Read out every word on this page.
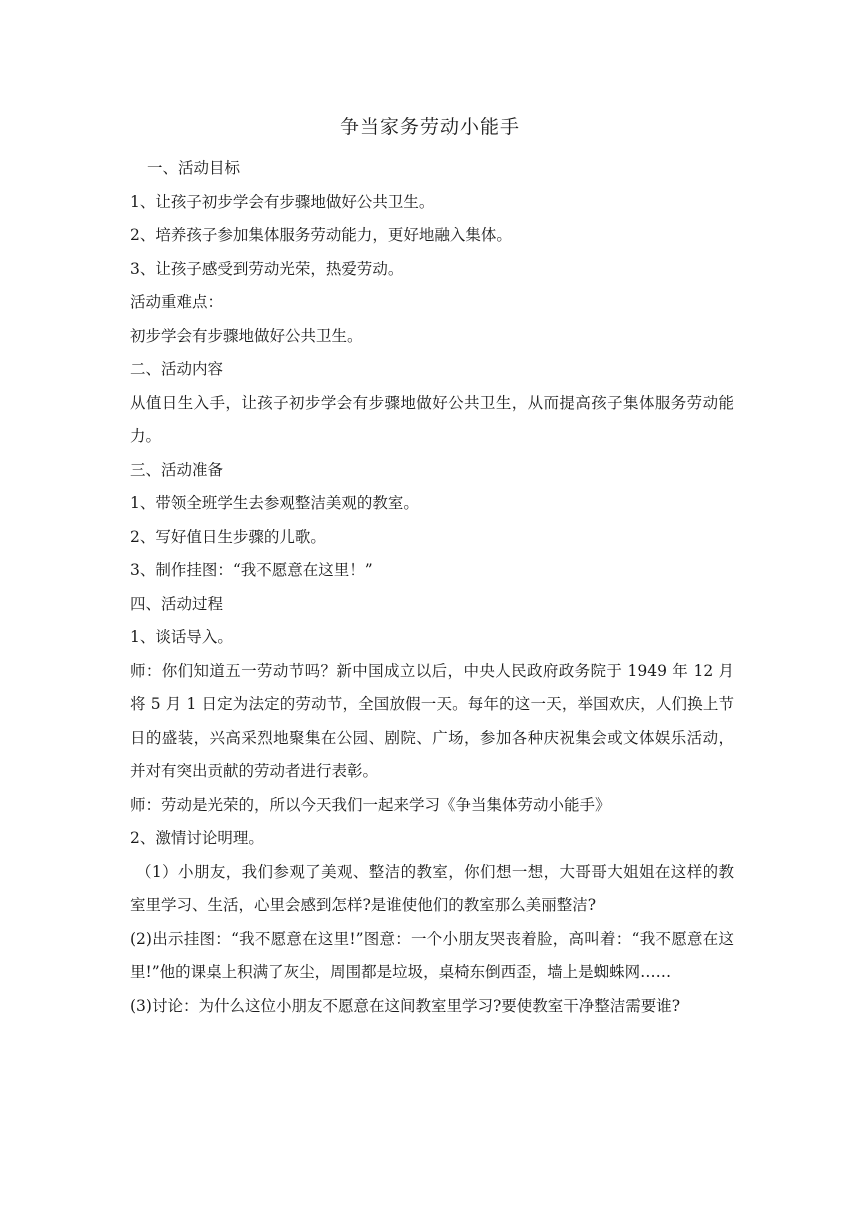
争当家务劳动小能手

一、活动目标

1、让孩子初步学会有步骤地做好公共卫生。

2、培养孩子参加集体服务劳动能力，更好地融入集体。

3、让孩子感受到劳动光荣，热爱劳动。

活动重难点：

初步学会有步骤地做好公共卫生。

二、活动内容

从值日生入手，让孩子初步学会有步骤地做好公共卫生，从而提高孩子集体服务劳动能力。

三、活动准备

1、带领全班学生去参观整洁美观的教室。

2、写好值日生步骤的儿歌。

3、制作挂图：“我不愿意在这里！”

四、活动过程

1、谈话导入。

师：你们知道五一劳动节吗？新中国成立以后，中央人民政府政务院于 1949 年 12 月将 5 月 1 日定为法定的劳动节，全国放假一天。每年的这一天，举国欢庆，人们换上节日的盛装，兴高采烈地聚集在公园、剧院、广场，参加各种庆祝集会或文体娱乐活动，并对有突出贡献的劳动者进行表彰。

师：劳动是光荣的，所以今天我们一起来学习《争当集体劳动小能手》

2、激情讨论明理。

（1）小朋友，我们参观了美观、整洁的教室，你们想一想，大哥哥大姐姐在这样的教室里学习、生活，心里会感到怎样?是谁使他们的教室那么美丽整洁?

(2)出示挂图：“我不愿意在这里!”图意：一个小朋友哭丧着脸，高叫着：“我不愿意在这里!”他的课桌上积满了灰尘，周围都是垃圾，桌椅东倒西歪，墙上是蜘蛛网……

(3)讨论：为什么这位小朋友不愿意在这间教室里学习?要使教室干净整洁需要谁?
